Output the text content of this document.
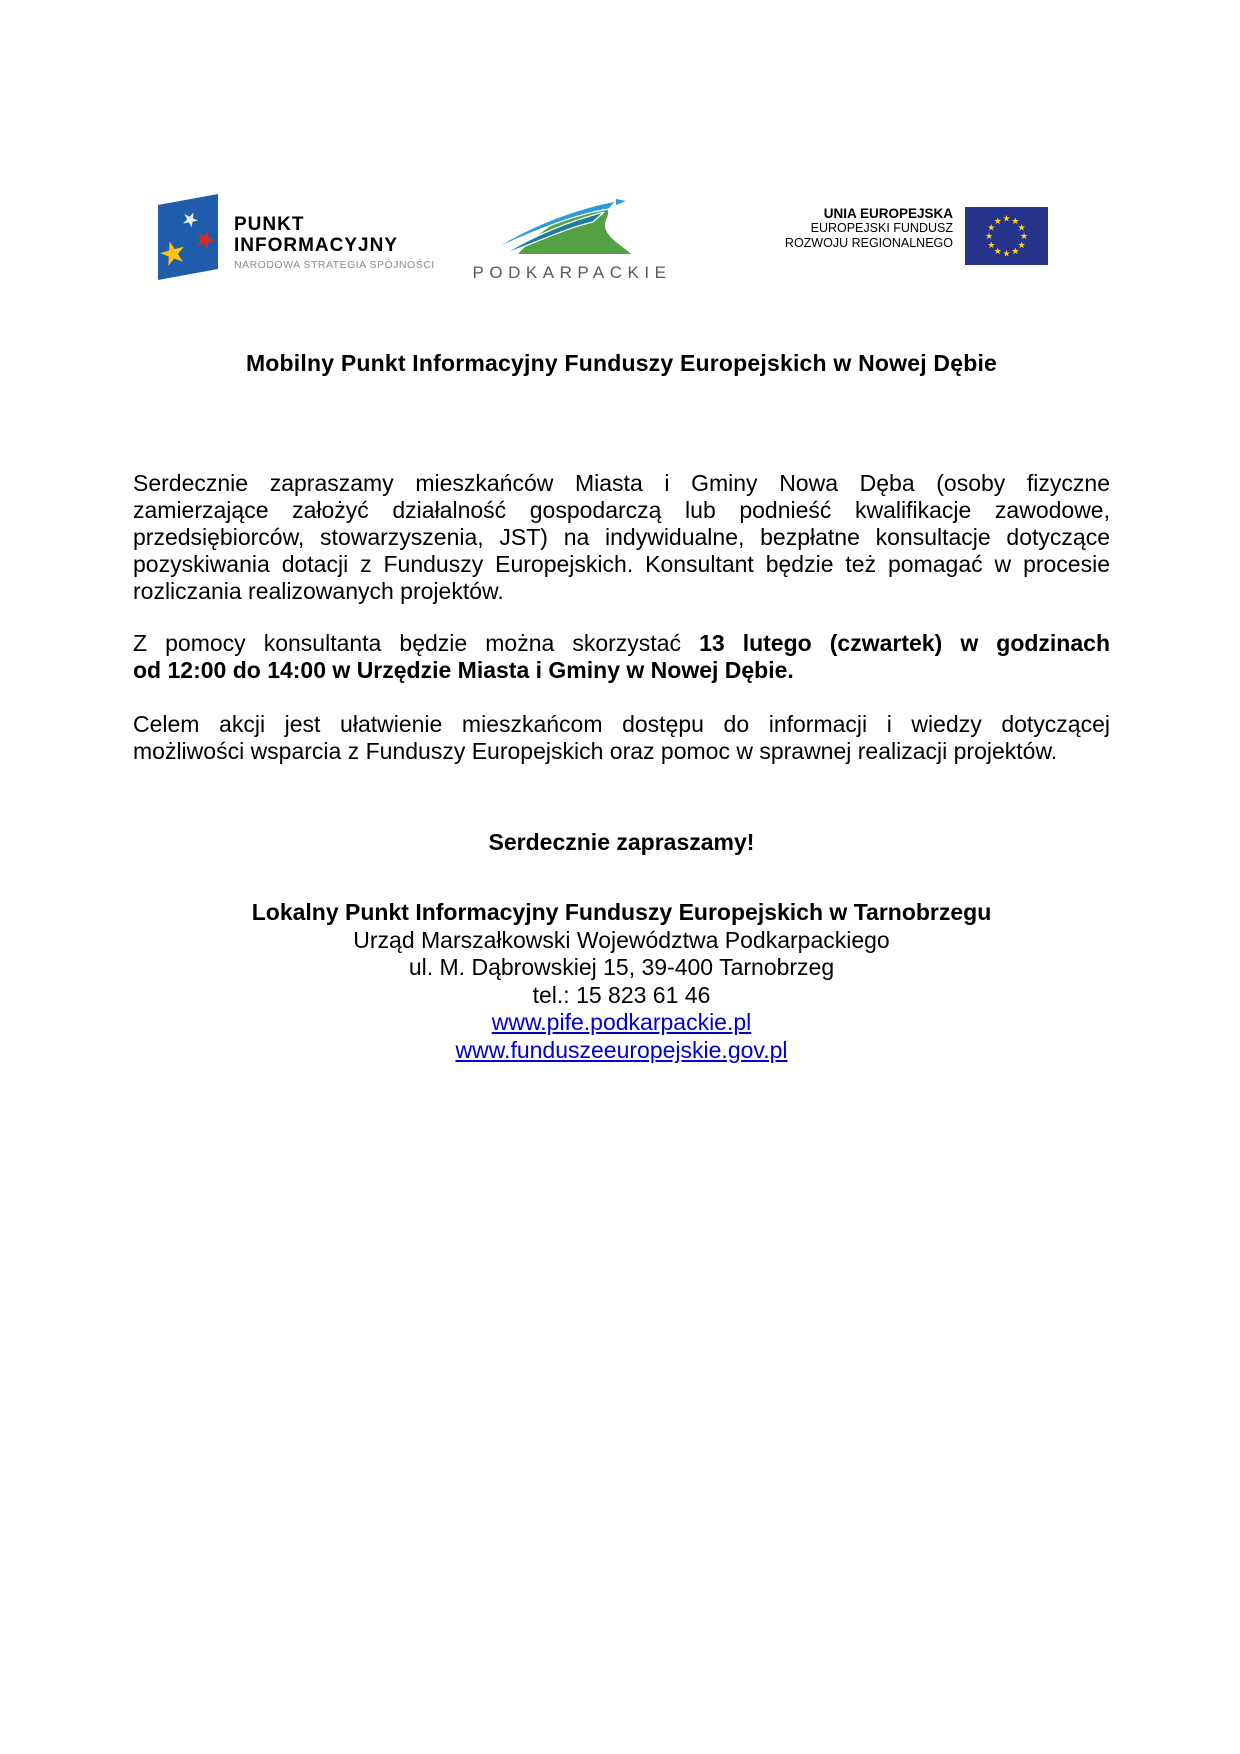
★
★
★ PUNKT
INFORMACYJNY
NARODOWA STRATEGIA SPÓJNOŚCI	PODKARPACKIE
UNIA EUROPEJSKA
EUROPEJSKI FUNDUSZ
ROZWOJU REGIONALNEGO
★ ★
★
★
★
★
★
★
★
★
★
★
Mobilny Punkt Informacyjny Funduszy Europejskich w Nowej Dębie
Serdecznie zapraszamy mieszkańców Miasta i Gminy Nowa Dęba (osoby fizyczne
zamierzające założyć działalność gospodarczą lub podnieść kwalifikacje zawodowe,
przedsiębiorców, stowarzyszenia, JST) na indywidualne, bezpłatne konsultacje dotyczące
pozyskiwania dotacji z Funduszy Europejskich. Konsultant będzie też pomagać w procesie
rozliczania realizowanych projektów.
Z pomocy konsultanta będzie można skorzystać 13 lutego (czwartek) w godzinach
od 12:00 do 14:00 w Urzędzie Miasta i Gminy w Nowej Dębie.
Celem akcji jest ułatwienie mieszkańcom dostępu do informacji i wiedzy dotyczącej
możliwości wsparcia z Funduszy Europejskich oraz pomoc w sprawnej realizacji projektów.
Serdecznie zapraszamy!
Lokalny Punkt Informacyjny Funduszy Europejskich w Tarnobrzegu
Urząd Marszałkowski Województwa Podkarpackiego
ul. M. Dąbrowskiej 15, 39-400 Tarnobrzeg
tel.: 15 823 61 46
www.pife.podkarpackie.pl
www.funduszeeuropejskie.gov.pl
